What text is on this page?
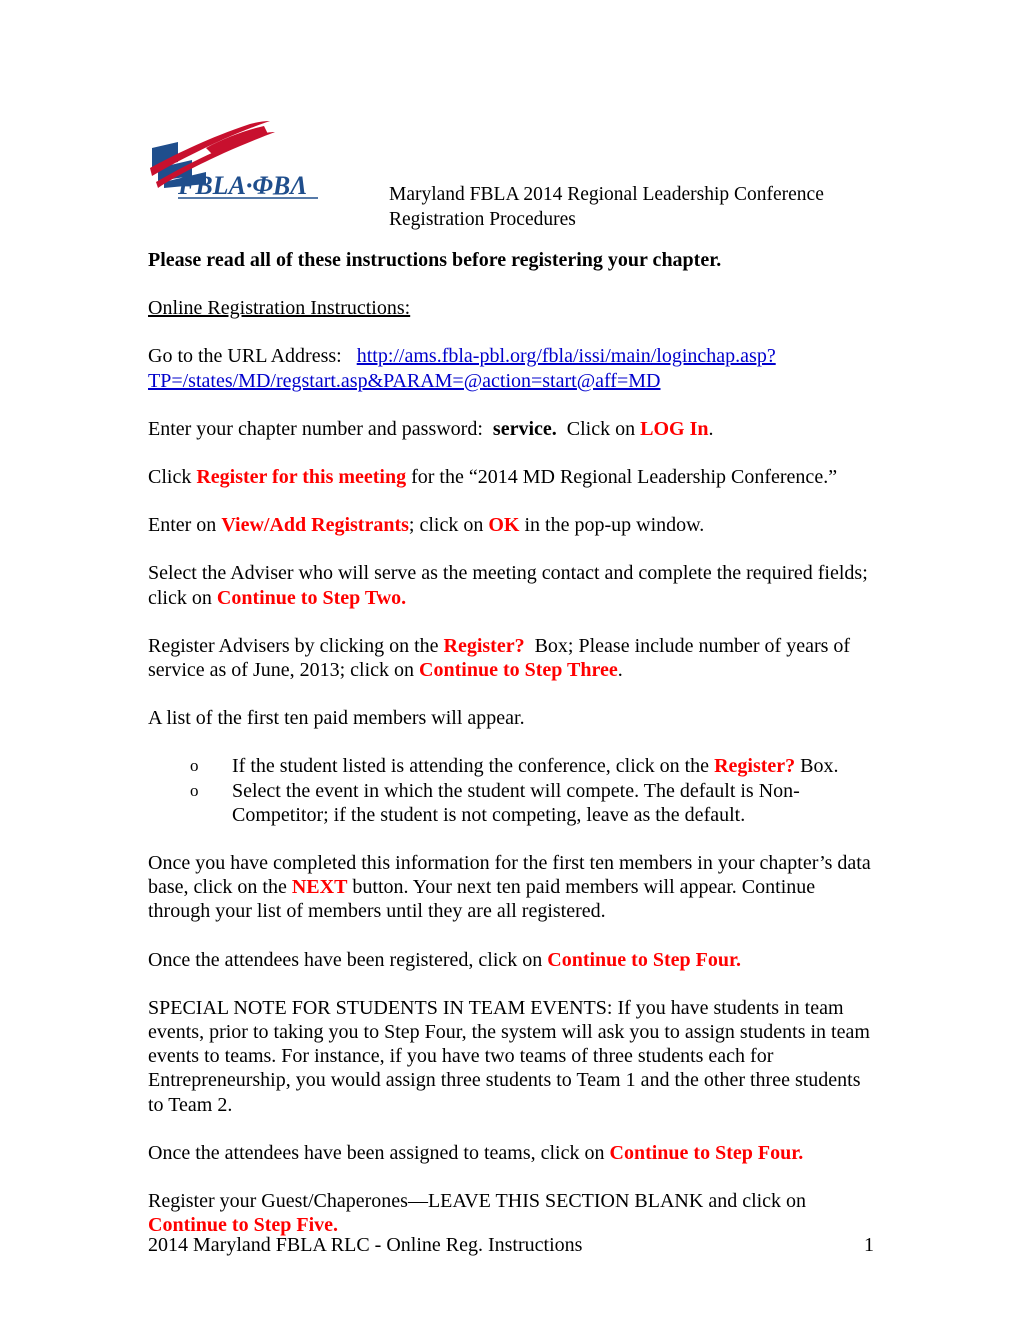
FBLA·ΦΒΛ	Maryland FBLA 2014 Regional Leadership Conference
Registration Procedures

Please read all of these instructions before registering your chapter.

Online Registration Instructions:

Go to the URL Address: http://ams.fbla-pbl.org/fbla/issi/main/loginchap.asp?
TP=/states/MD/regstart.asp&PARAM=@action=start@aff=MD

Enter your chapter number and password: service. Click on LOG In.

Click Register for this meeting for the “2014 MD Regional Leadership Conference.”

Enter on View/Add Registrants; click on OK in the pop-up window.

Select the Adviser who will serve as the meeting contact and complete the required fields; click on Continue to Step Two.

Register Advisers by clicking on the Register? Box; Please include number of years of service as of June, 2013; click on Continue to Step Three.

A list of the first ten paid members will appear.

o If the student listed is attending the conference, click on the Register? Box.
o Select the event in which the student will compete. The default is Non-Competitor; if the student is not competing, leave as the default.

Once you have completed this information for the first ten members in your chapter’s data base, click on the NEXT button. Your next ten paid members will appear. Continue through your list of members until they are all registered.

Once the attendees have been registered, click on Continue to Step Four.

SPECIAL NOTE FOR STUDENTS IN TEAM EVENTS: If you have students in team events, prior to taking you to Step Four, the system will ask you to assign students in team events to teams. For instance, if you have two teams of three students each for Entrepreneurship, you would assign three students to Team 1 and the other three students to Team 2.

Once the attendees have been assigned to teams, click on Continue to Step Four.

Register your Guest/Chaperones—LEAVE THIS SECTION BLANK and click on
Continue to Step Five.

2014 Maryland FBLA RLC - Online Reg. Instructions	1
